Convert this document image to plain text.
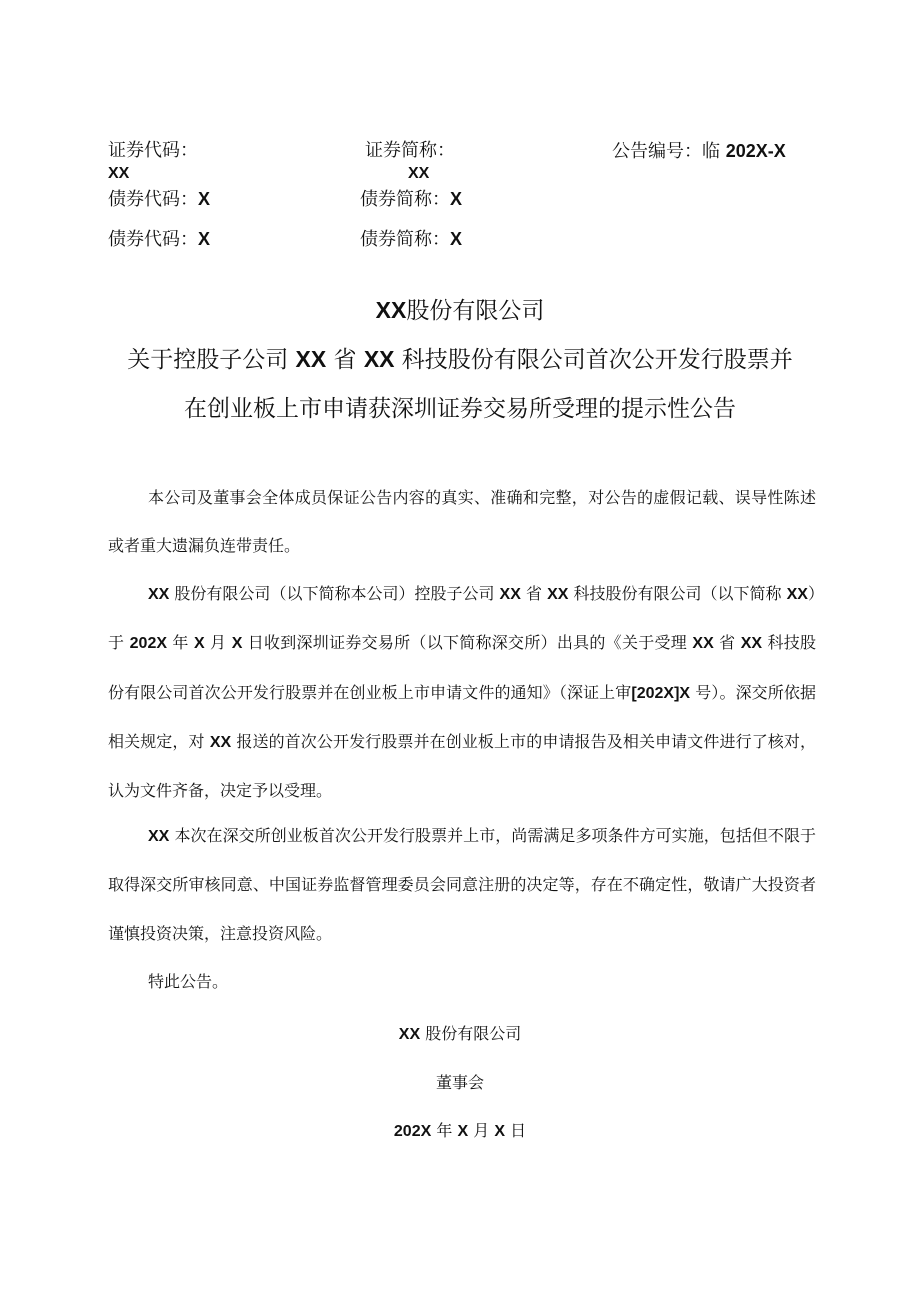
证券代码：
XX
证券简称：
XX
公告编号：临 202X-X
债券代码：X	债券简称：X
债券代码：X	债券简称：X
XX股份有限公司
关于控股子公司 XX 省 XX 科技股份有限公司首次公开发行股票并
在创业板上市申请获深圳证券交易所受理的提示性公告
本公司及董事会全体成员保证公告内容的真实、准确和完整，对公告的虚假记载、误导性陈述或者重大遗漏负连带责任。
XX 股份有限公司（以下简称本公司）控股子公司 XX 省 XX 科技股份有限公司（以下简称 XX）于 202X 年 X 月 X 日收到深圳证券交易所（以下简称深交所）出具的《关于受理 XX 省 XX 科技股份有限公司首次公开发行股票并在创业板上市申请文件的通知》（深证上审[202X]X 号）。深交所依据相关规定，对 XX 报送的首次公开发行股票并在创业板上市的申请报告及相关申请文件进行了核对，认为文件齐备，决定予以受理。
XX 本次在深交所创业板首次公开发行股票并上市，尚需满足多项条件方可实施，包括但不限于取得深交所审核同意、中国证券监督管理委员会同意注册的决定等，存在不确定性，敬请广大投资者谨慎投资决策，注意投资风险。
特此公告。
XX 股份有限公司
董事会
202X 年 X 月 X 日
